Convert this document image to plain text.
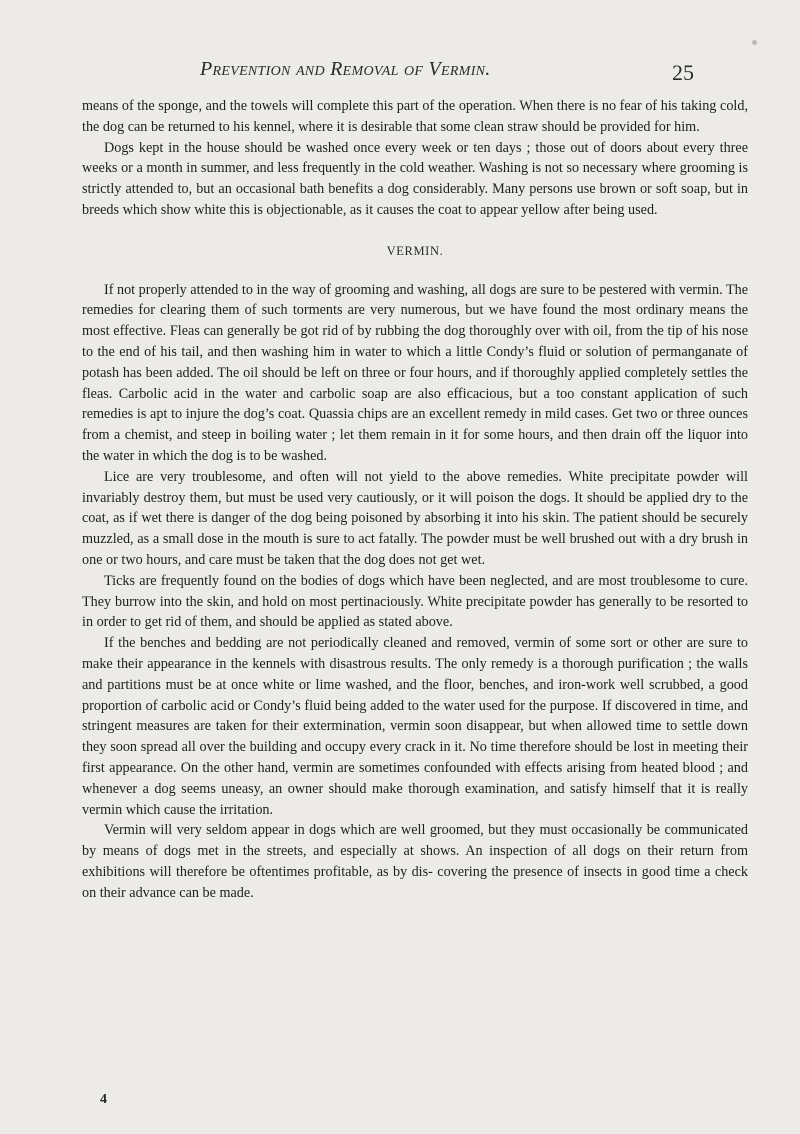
Prevention and Removal of Vermin.	25

means of the sponge, and the towels will complete this part of the operation. When there is no fear of his taking cold, the dog can be returned to his kennel, where it is desirable that some clean straw should be provided for him.

Dogs kept in the house should be washed once every week or ten days ; those out of doors about every three weeks or a month in summer, and less frequently in the cold weather. Washing is not so necessary where grooming is strictly attended to, but an occasional bath benefits a dog considerably. Many persons use brown or soft soap, but in breeds which show white this is objectionable, as it causes the coat to appear yellow after being used.

VERMIN.

If not properly attended to in the way of grooming and washing, all dogs are sure to be pestered with vermin. The remedies for clearing them of such torments are very numerous, but we have found the most ordinary means the most effective. Fleas can generally be got rid of by rubbing the dog thoroughly over with oil, from the tip of his nose to the end of his tail, and then washing him in water to which a little Condy’s fluid or solution of permanganate of potash has been added. The oil should be left on three or four hours, and if thoroughly applied completely settles the fleas. Carbolic acid in the water and carbolic soap are also efficacious, but a too constant application of such remedies is apt to injure the dog’s coat. Quassia chips are an excellent remedy in mild cases. Get two or three ounces from a chemist, and steep in boiling water ; let them remain in it for some hours, and then drain off the liquor into the water in which the dog is to be washed.

Lice are very troublesome, and often will not yield to the above remedies. White precipitate powder will invariably destroy them, but must be used very cautiously, or it will poison the dogs. It should be applied dry to the coat, as if wet there is danger of the dog being poisoned by absorbing it into his skin. The patient should be securely muzzled, as a small dose in the mouth is sure to act fatally. The powder must be well brushed out with a dry brush in one or two hours, and care must be taken that the dog does not get wet.

Ticks are frequently found on the bodies of dogs which have been neglected, and are most troublesome to cure. They burrow into the skin, and hold on most pertinaciously. White precipitate powder has generally to be resorted to in order to get rid of them, and should be applied as stated above.

If the benches and bedding are not periodically cleaned and removed, vermin of some sort or other are sure to make their appearance in the kennels with disastrous results. The only remedy is a thorough purification ; the walls and partitions must be at once white or lime washed, and the floor, benches, and iron-work well scrubbed, a good proportion of carbolic acid or Condy’s fluid being added to the water used for the purpose. If discovered in time, and stringent measures are taken for their extermination, vermin soon disappear, but when allowed time to settle down they soon spread all over the building and occupy every crack in it. No time therefore should be lost in meeting their first appearance. On the other hand, vermin are sometimes confounded with effects arising from heated blood ; and whenever a dog seems uneasy, an owner should make thorough examination, and satisfy himself that it is really vermin which cause the irritation.

Vermin will very seldom appear in dogs which are well groomed, but they must occasionally be communicated by means of dogs met in the streets, and especially at shows. An inspection of all dogs on their return from exhibitions will therefore be oftentimes profitable, as by dis- covering the presence of insects in good time a check on their advance can be made.

4
